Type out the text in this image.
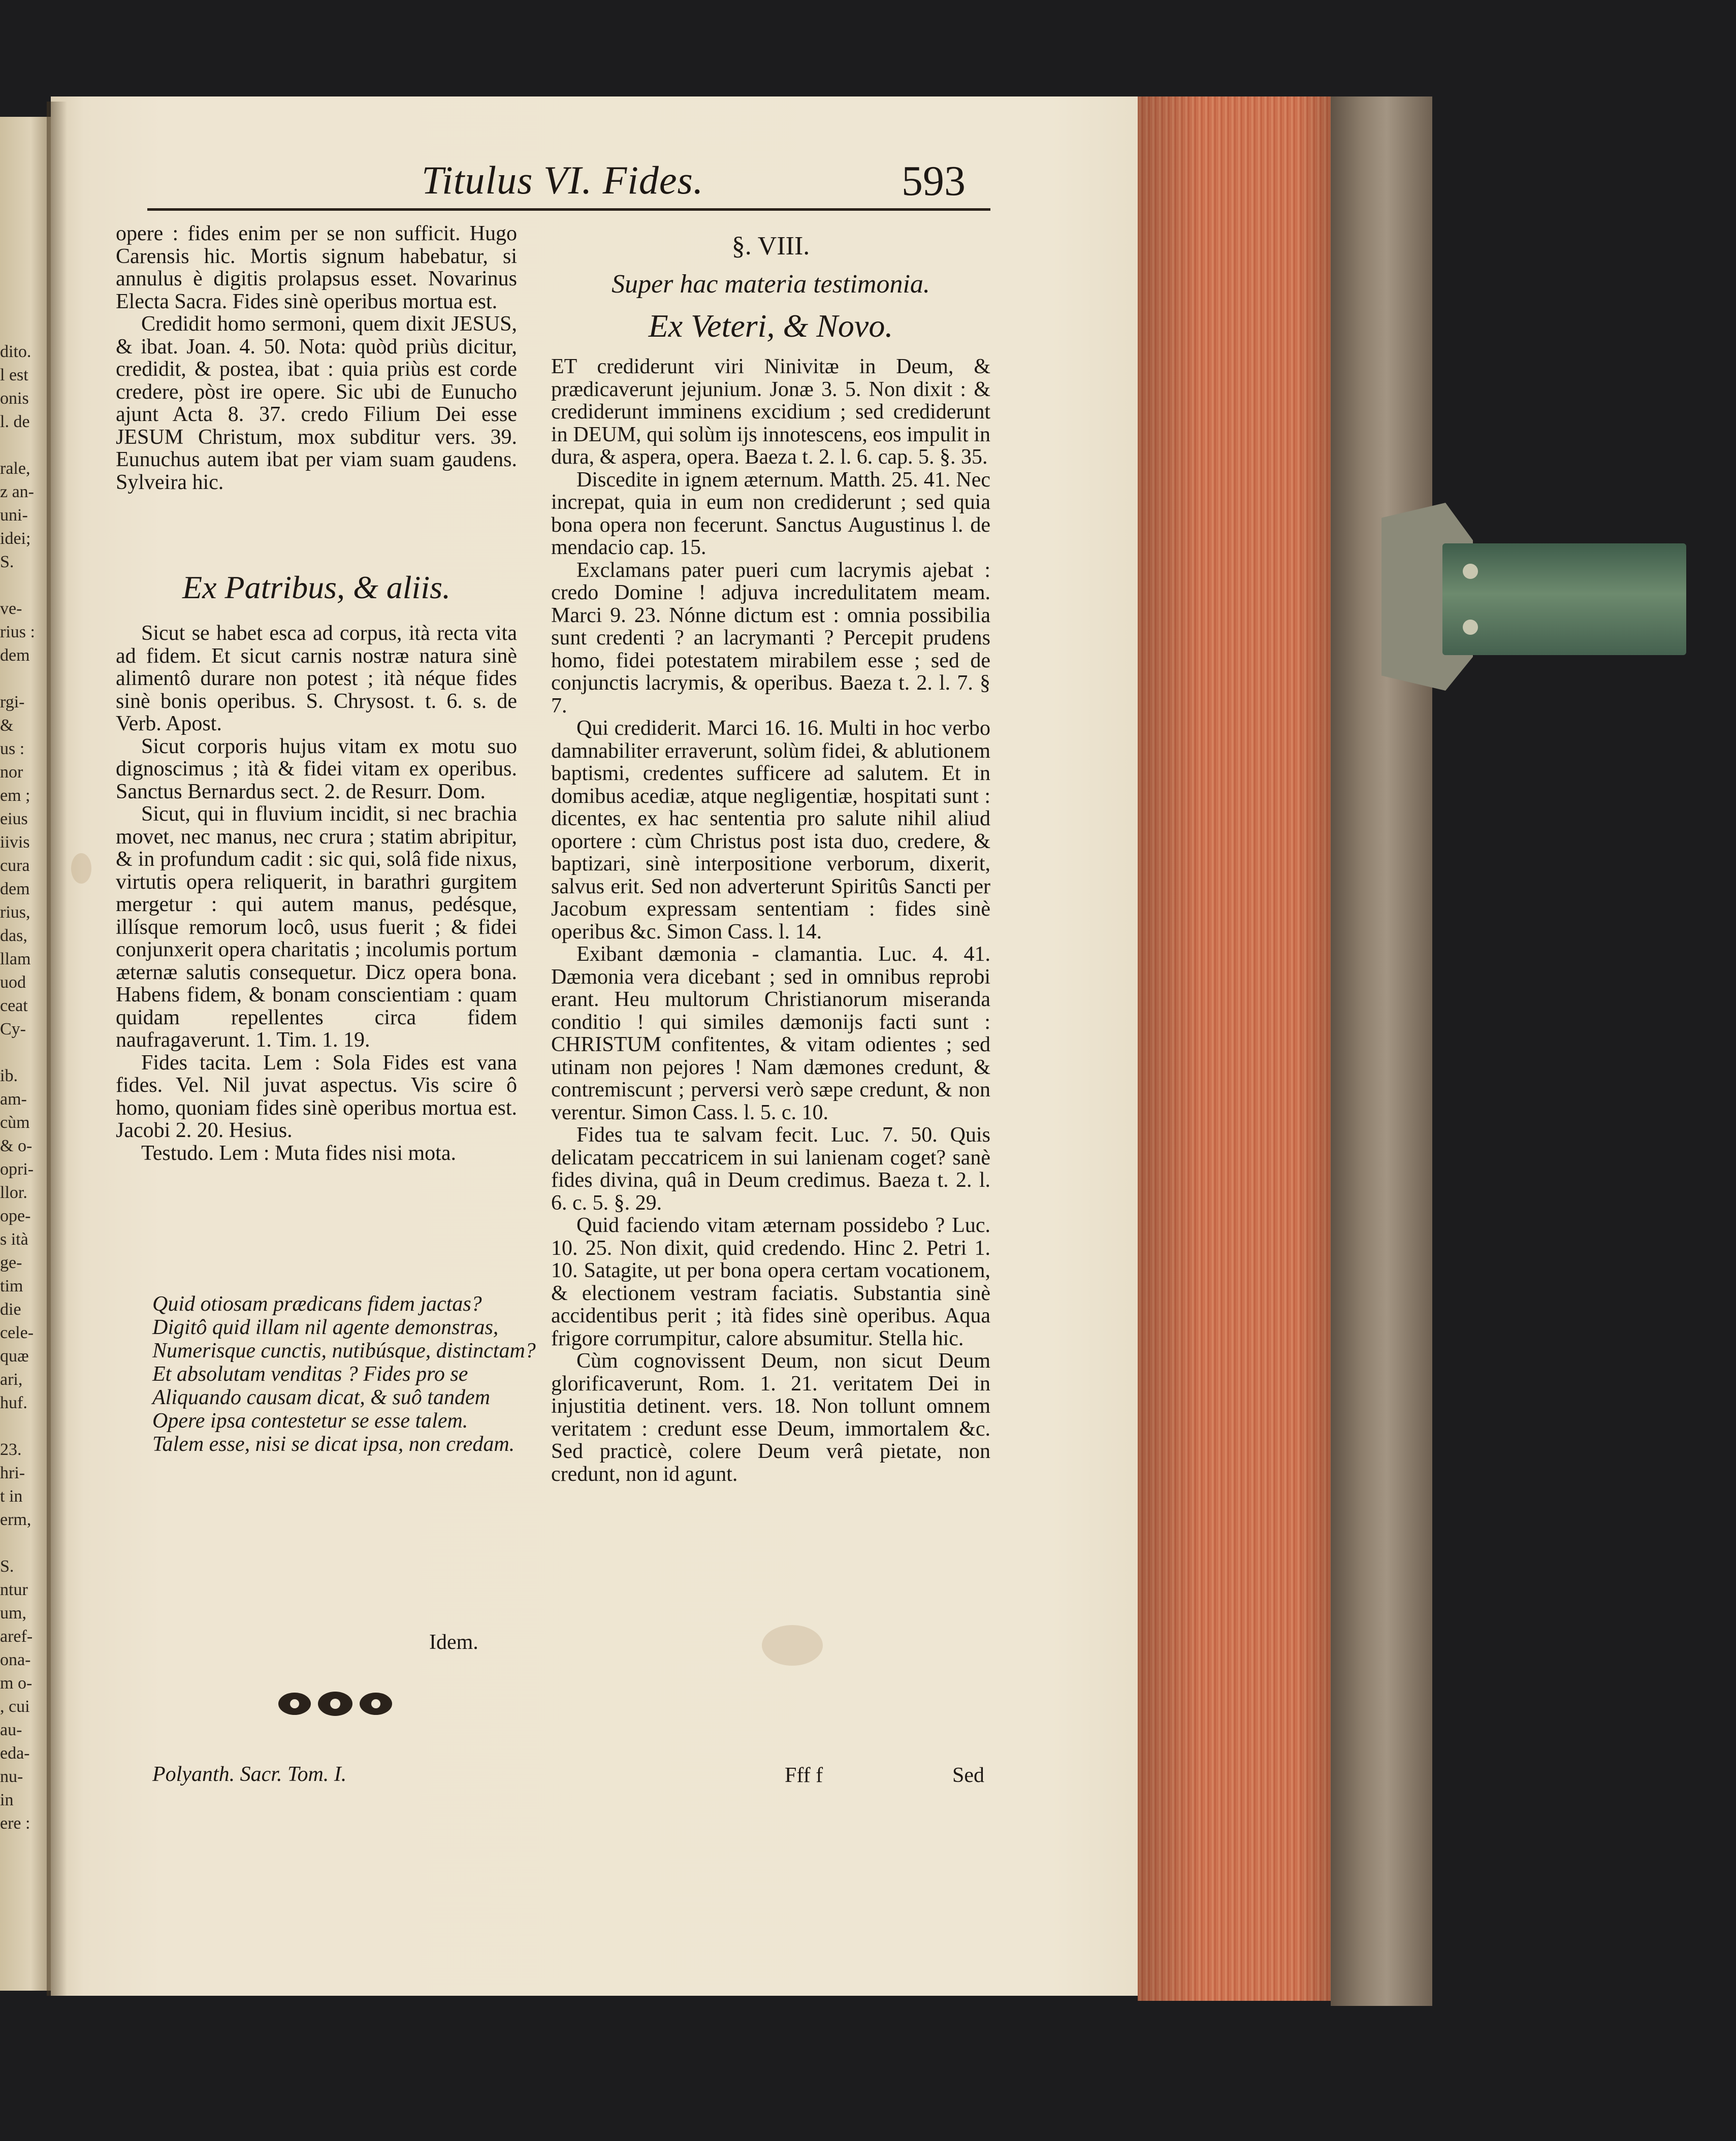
dito.
l est
onis
l. de

rale,
z an-
uni-
idei;
S.

ve-
rius :
dem

rgi-
&
us :
nor
em ;
eius
iivis
cura
dem
rius,
das,
llam
uod
ceat
Cy-

ib.
am-
cùm
& o-
opri-
llor.
ope-
s ità
ge-
tim
die
cele-
quæ
ari,
huf.

23.
hri-
t in
erm,

S.
ntur
um,
aref-
ona-
m o-
, cui
au-
eda-
nu-
in
ere :
Titulus VI. Fides.	593

opere : fides enim per se non sufficit. Hugo Carensis hic. Mortis signum habebatur, si annulus è digitis prolapsus esset. Novarinus Electa Sacra. Fides sinè operibus mortua est.

Credidit homo sermoni, quem dixit JESUS, & ibat. Joan. 4. 50. Nota: quòd priùs dicitur, credidit, & postea, ibat : quia priùs est corde credere, pòst ire opere. Sic ubi de Eunucho ajunt Acta 8. 37. credo Filium Dei esse JESUM Christum, mox subditur vers. 39. Eunuchus autem ibat per viam suam gaudens. Sylveira hic.

Ex Patribus, & aliis.

Sicut se habet esca ad corpus, ità recta vita ad fidem. Et sicut carnis nostræ natura sinè alimentô durare non potest ; ità néque fides sinè bonis operibus. S. Chrysost. t. 6. s. de Verb. Apost.

Sicut corporis hujus vitam ex motu suo dignoscimus ; ità & fidei vitam ex operibus. Sanctus Bernardus sect. 2. de Resurr. Dom.

Sicut, qui in fluvium incidit, si nec brachia movet, nec manus, nec crura ; statim abripitur, & in profundum cadit : sic qui, solâ fide nixus, virtutis opera reliquerit, in barathri gurgitem mergetur : qui autem manus, pedésque, illísque remorum locô, usus fuerit ; & fidei conjunxerit opera charitatis ; incolumis portum æternæ salutis consequetur. Dicz opera bona. Habens fidem, & bonam conscientiam : quam quidam repellentes circa fidem naufragaverunt. 1. Tim. 1. 19.

Fides tacita. Lem : Sola Fides est vana fides. Vel. Nil juvat aspectus. Vis scire ô homo, quoniam fides sinè operibus mortua est. Jacobi 2. 20. Hesius.

Testudo. Lem : Muta fides nisi mota.

Quid otiosam prædicans fidem jactas?
Digitô quid illam nil agente demonstras,
Numerisque cunctis, nutibúsque, distinctam?
Et absolutam venditas ? Fides pro se
Aliquando causam dicat, & suô tandem
Opere ipsa contestetur se esse talem.
Talem esse, nisi se dicat ipsa, non credam.
Idem.
Polyanth. Sacr. Tom. I.
§. VIII.
Super hac materia testimonia.
Ex Veteri, & Novo.

ET crediderunt viri Ninivitæ in Deum, & prædicaverunt jejunium. Jonæ 3. 5. Non dixit : & crediderunt imminens excidium ; sed crediderunt in DEUM, qui solùm ijs innotescens, eos impulit in dura, & aspera, opera. Baeza t. 2. l. 6. cap. 5. §. 35.

Discedite in ignem æternum. Matth. 25. 41. Nec increpat, quia in eum non crediderunt ; sed quia bona opera non fecerunt. Sanctus Augustinus l. de mendacio cap. 15.

Exclamans pater pueri cum lacrymis ajebat : credo Domine ! adjuva incredulitatem meam. Marci 9. 23. Nónne dictum est : omnia possibilia sunt credenti ? an lacrymanti ? Percepit prudens homo, fidei potestatem mirabilem esse ; sed de conjunctis lacrymis, & operibus. Baeza t. 2. l. 7. § 7.

Qui crediderit. Marci 16. 16. Multi in hoc verbo damnabiliter erraverunt, solùm fidei, & ablutionem baptismi, credentes sufficere ad salutem. Et in domibus acediæ, atque negligentiæ, hospitati sunt : dicentes, ex hac sententia pro salute nihil aliud oportere : cùm Christus post ista duo, credere, & baptizari, sinè interpositione verborum, dixerit, salvus erit. Sed non adverterunt Spiritûs Sancti per Jacobum expressam sententiam : fides sinè operibus &c. Simon Cass. l. 14.

Exibant dæmonia - clamantia. Luc. 4. 41. Dæmonia vera dicebant ; sed in omnibus reprobi erant. Heu multorum Christianorum miseranda conditio ! qui similes dæmonijs facti sunt : CHRISTUM confitentes, & vitam odientes ; sed utinam non pejores ! Nam dæmones credunt, & contremiscunt ; perversi verò sæpe credunt, & non verentur. Simon Cass. l. 5. c. 10.

Fides tua te salvam fecit. Luc. 7. 50. Quis delicatam peccatricem in sui lanienam coget? sanè fides divina, quâ in Deum credimus. Baeza t. 2. l. 6. c. 5. §. 29.

Quid faciendo vitam æternam possidebo ? Luc. 10. 25. Non dixit, quid credendo. Hinc 2. Petri 1. 10. Satagite, ut per bona opera certam vocationem, & electionem vestram faciatis. Substantia sinè accidentibus perit ; ità fides sinè operibus. Aqua frigore corrumpitur, calore absumitur. Stella hic.

Cùm cognovissent Deum, non sicut Deum glorificaverunt, Rom. 1. 21. veritatem Dei in injustitia detinent. vers. 18. Non tollunt omnem veritatem : credunt esse Deum, immortalem &c. Sed practicè, colere Deum verâ pietate, non credunt, non id agunt.

Fff f	Sed
